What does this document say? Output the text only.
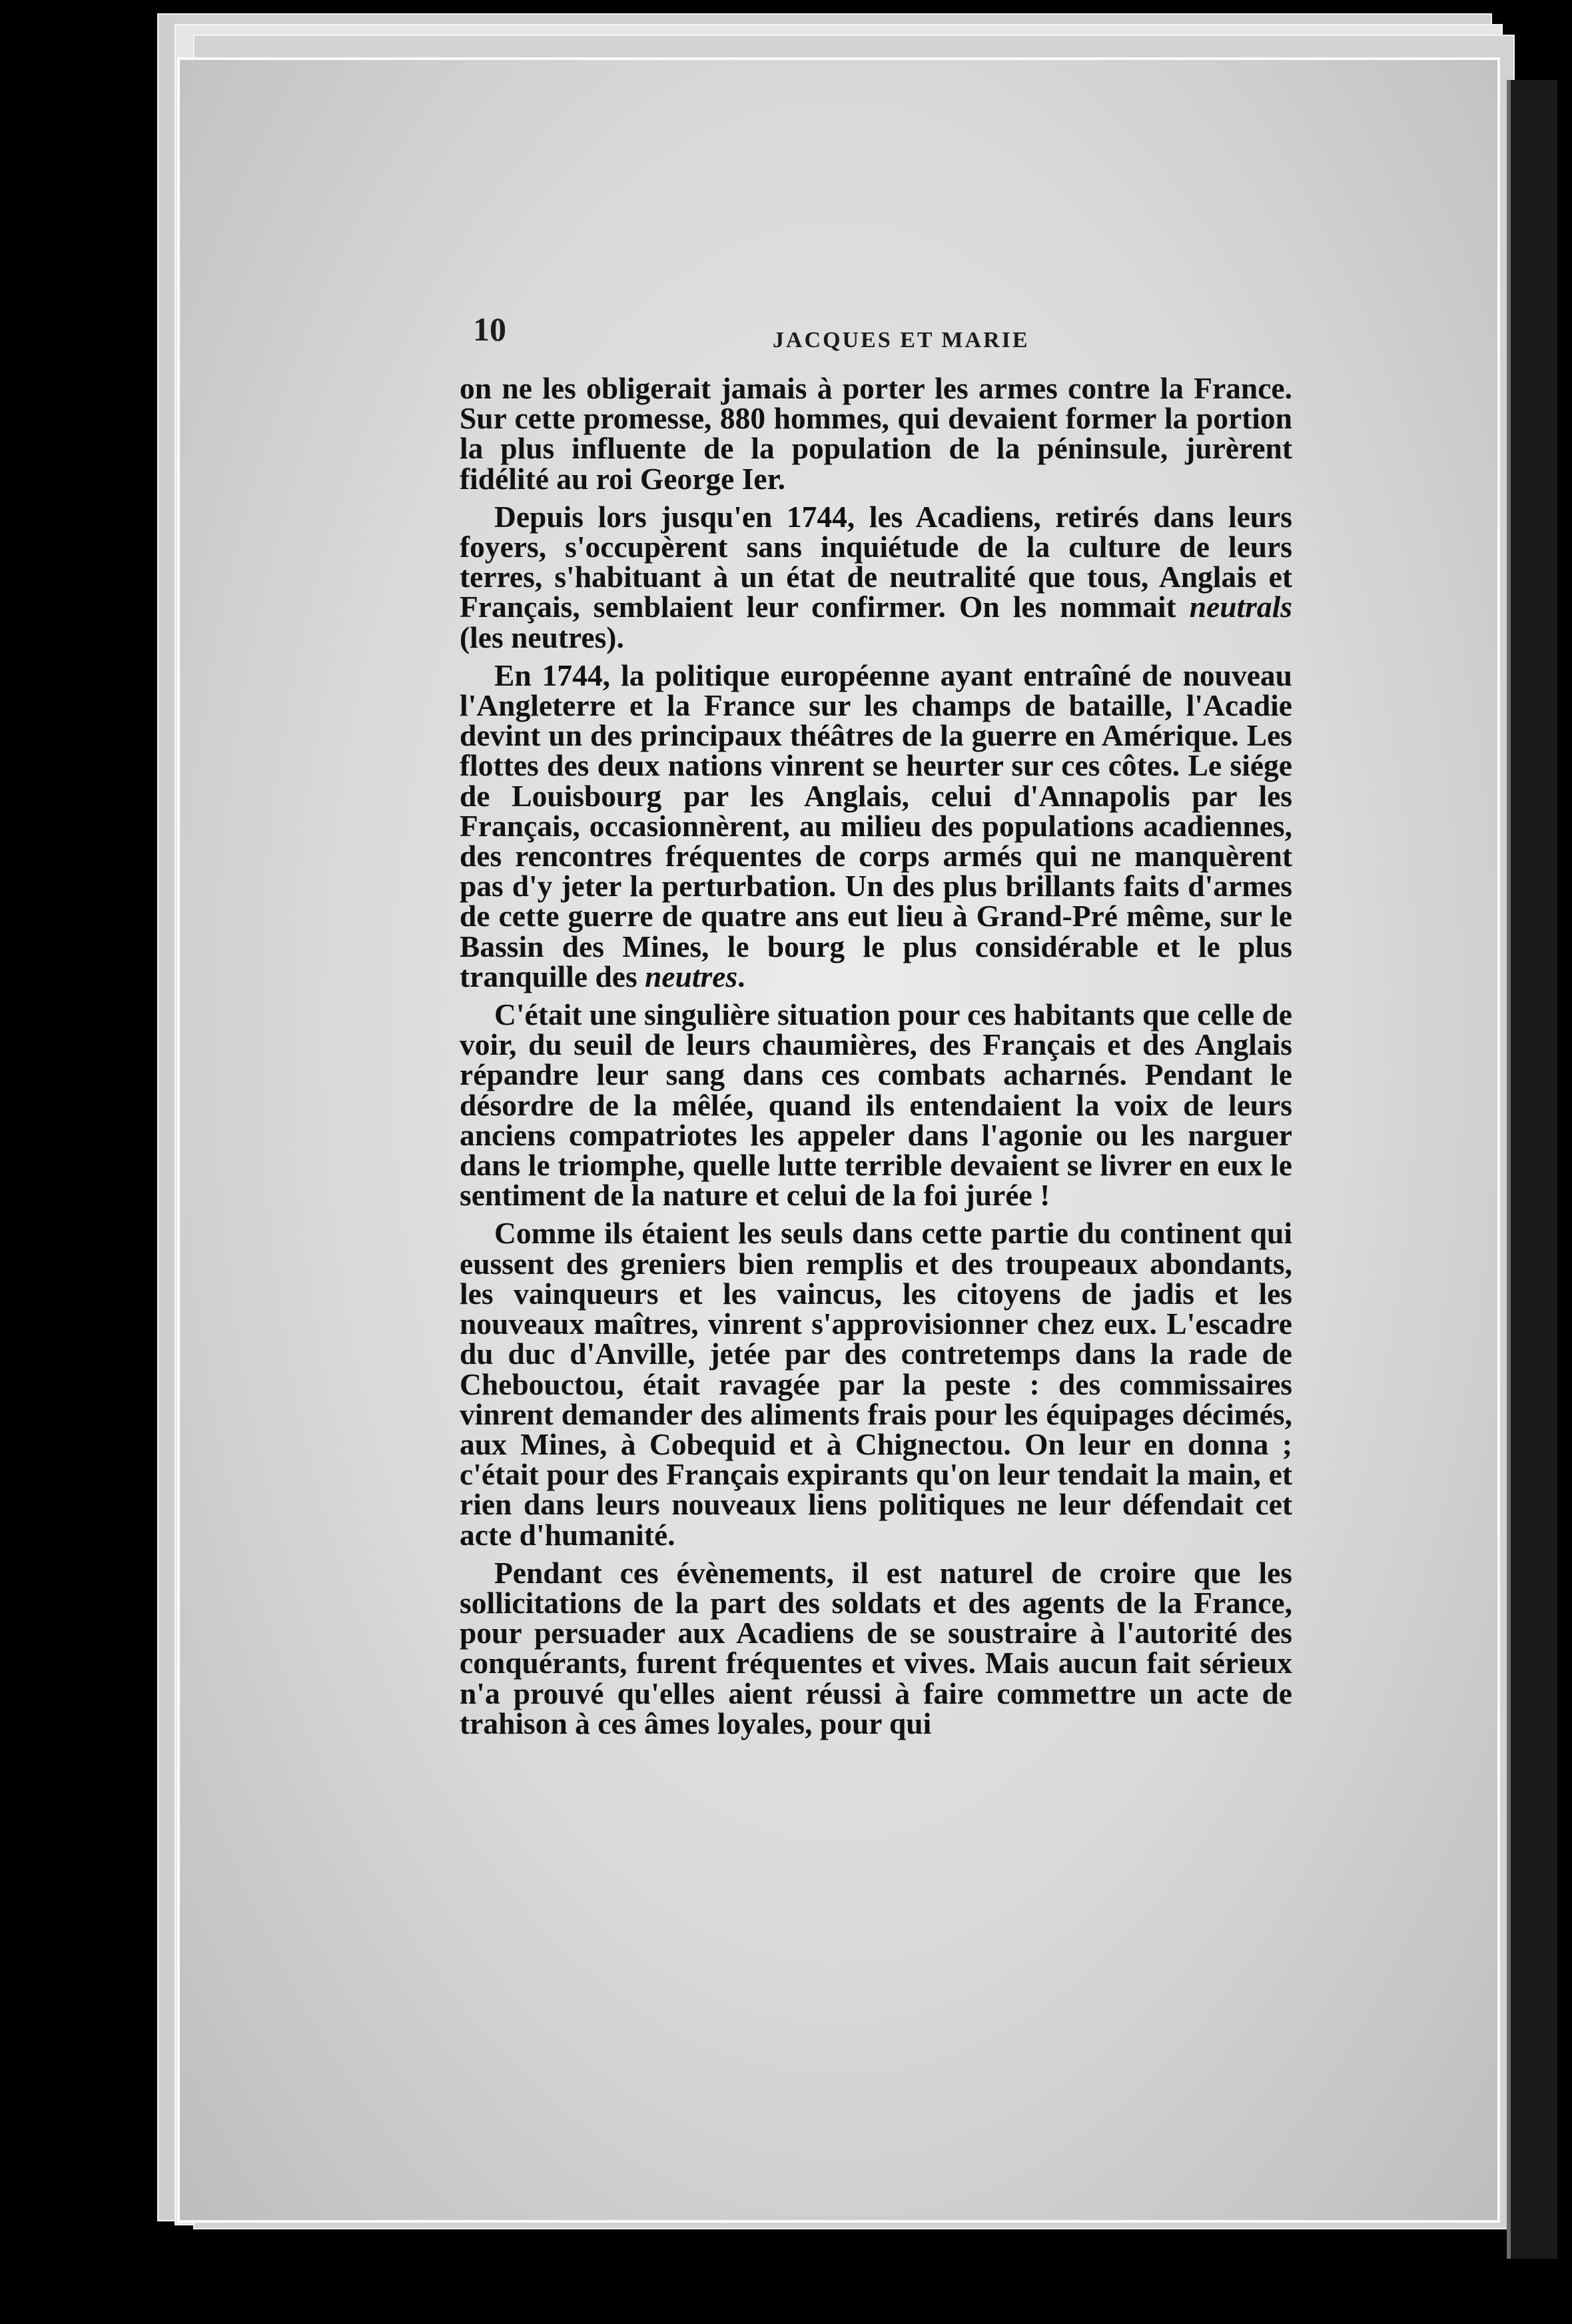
10	JACQUES ET MARIE

on ne les obligerait jamais à porter les armes contre la France. Sur cette promesse, 880 hommes, qui devaient former la portion la plus influente de la population de la péninsule, jurèrent fidélité au roi George Ier.

Depuis lors jusqu'en 1744, les Acadiens, retirés dans leurs foyers, s'occupèrent sans inquiétude de la culture de leurs terres, s'habituant à un état de neutralité que tous, Anglais et Français, semblaient leur confirmer. On les nommait neutrals (les neutres).

En 1744, la politique européenne ayant entraîné de nouveau l'Angleterre et la France sur les champs de bataille, l'Acadie devint un des principaux théâtres de la guerre en Amérique. Les flottes des deux nations vinrent se heurter sur ces côtes. Le siége de Louisbourg par les Anglais, celui d'Annapolis par les Français, occasionnèrent, au milieu des populations acadiennes, des rencontres fréquentes de corps armés qui ne manquèrent pas d'y jeter la perturbation. Un des plus brillants faits d'armes de cette guerre de quatre ans eut lieu à Grand-Pré même, sur le Bassin des Mines, le bourg le plus considérable et le plus tranquille des neutres.

C'était une singulière situation pour ces habitants que celle de voir, du seuil de leurs chaumières, des Français et des Anglais répandre leur sang dans ces combats acharnés. Pendant le désordre de la mêlée, quand ils entendaient la voix de leurs anciens compatriotes les appeler dans l'agonie ou les narguer dans le triomphe, quelle lutte terrible devaient se livrer en eux le sentiment de la nature et celui de la foi jurée !

Comme ils étaient les seuls dans cette partie du continent qui eussent des greniers bien remplis et des troupeaux abondants, les vainqueurs et les vaincus, les citoyens de jadis et les nouveaux maîtres, vinrent s'approvisionner chez eux. L'escadre du duc d'Anville, jetée par des contretemps dans la rade de Chebouctou, était ravagée par la peste : des commissaires vinrent demander des aliments frais pour les équipages décimés, aux Mines, à Cobequid et à Chignectou. On leur en donna ; c'était pour des Français expirants qu'on leur tendait la main, et rien dans leurs nouveaux liens politiques ne leur défendait cet acte d'humanité.

Pendant ces évènements, il est naturel de croire que les sollicitations de la part des soldats et des agents de la France, pour persuader aux Acadiens de se soustraire à l'autorité des conquérants, furent fréquentes et vives. Mais aucun fait sérieux n'a prouvé qu'elles aient réussi à faire commettre un acte de trahison à ces âmes loyales, pour qui
